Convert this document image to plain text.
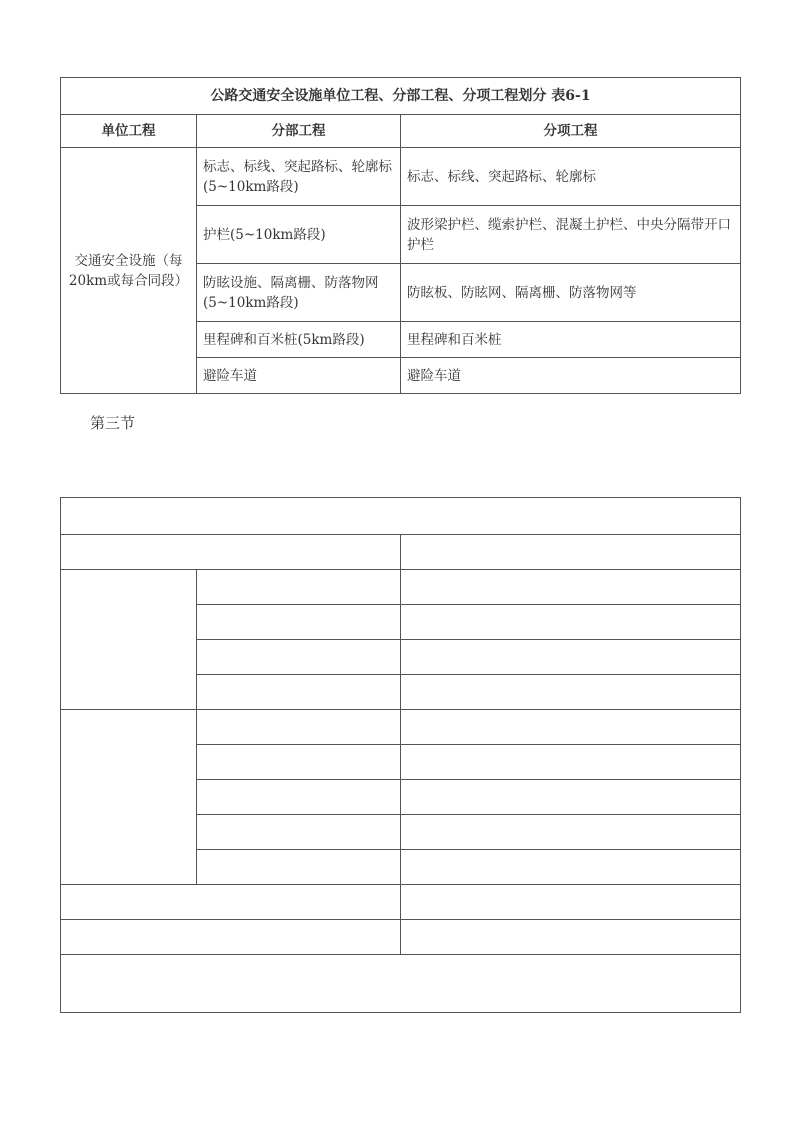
公路交通安全设施单位工程、分部工程、分项工程划分 表6-1		
单位工程	分部工程	分项工程
交通安全设施（每20km或每合同段）	标志、标线、突起路标、轮廓标(5~10km路段)	标志、标线、突起路标、轮廓标
	护栏(5~10km路段)	波形梁护栏、缆索护栏、混凝土护栏、中央分隔带开口护栏
	防眩设施、隔离栅、防落物网(5~10km路段)	防眩板、防眩网、隔离栅、防落物网等
	里程碑和百米桩(5km路段)	里程碑和百米桩
	避险车道	避险车道
第三节
